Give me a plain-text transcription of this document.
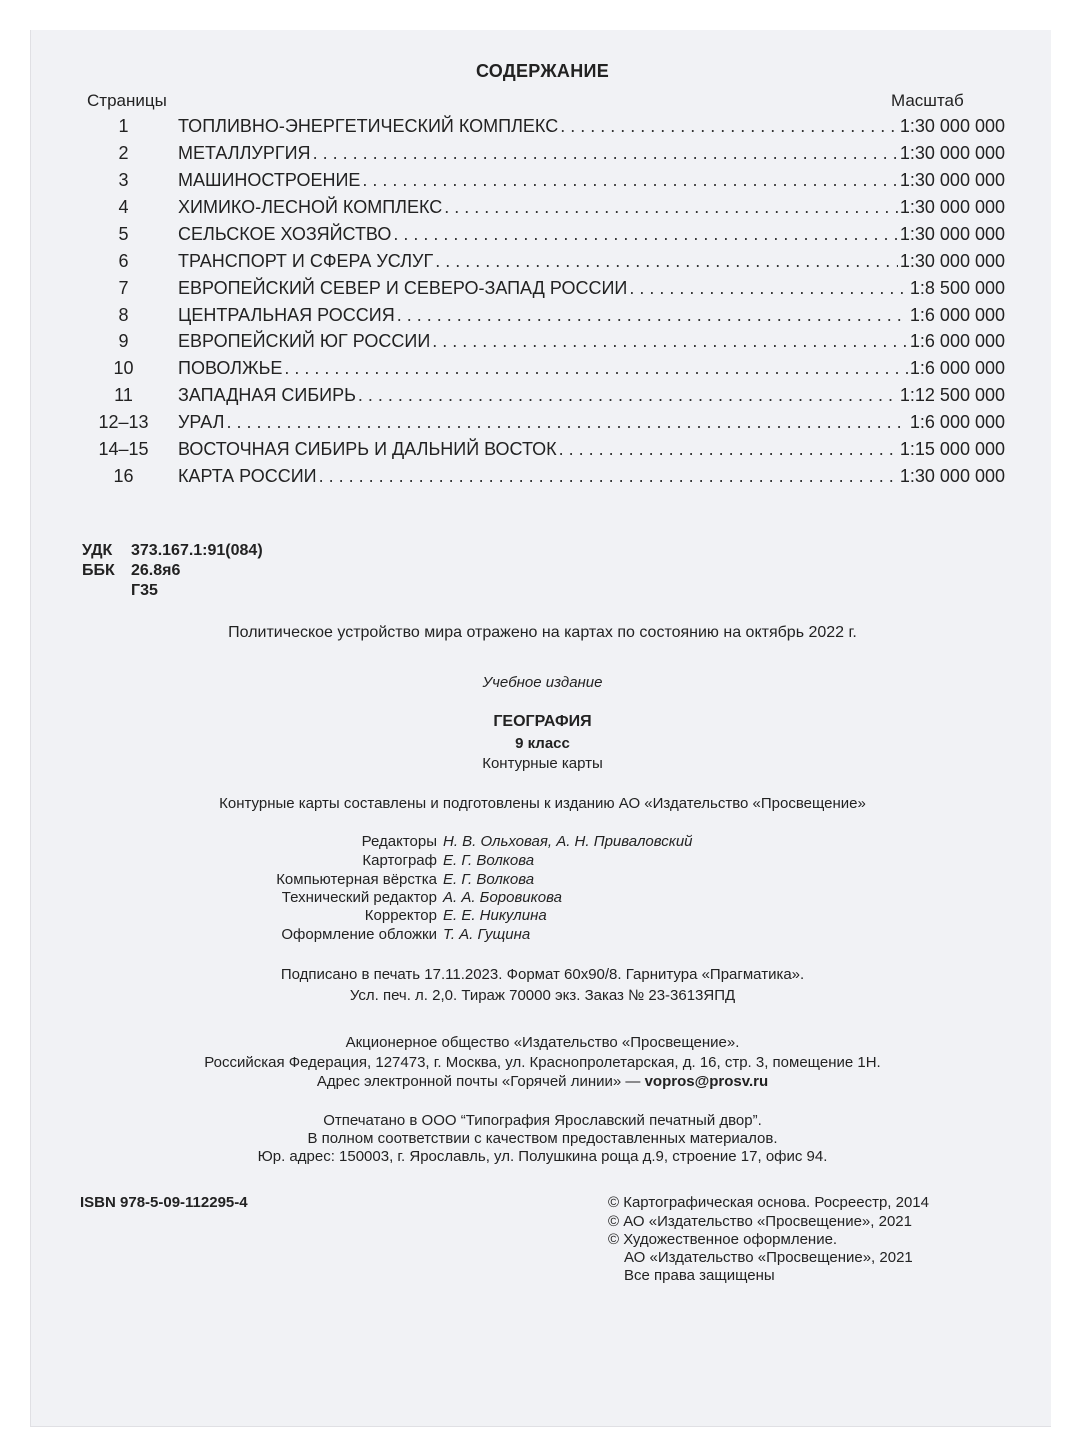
СОДЕРЖАНИЕ
Страницы	Масштаб
1	ТОПЛИВНО-ЭНЕРГЕТИЧЕСКИЙ КОМПЛЕКС . . .	1:30 000 000
2	МЕТАЛЛУРГИЯ . . .	1:30 000 000
3	МАШИНОСТРОЕНИЕ . . .	1:30 000 000
4	ХИМИКО-ЛЕСНОЙ КОМПЛЕКС . . .	1:30 000 000
5	СЕЛЬСКОЕ ХОЗЯЙСТВО . . .	1:30 000 000
6	ТРАНСПОРТ И СФЕРА УСЛУГ . . .	1:30 000 000
7	ЕВРОПЕЙСКИЙ СЕВЕР И СЕВЕРО-ЗАПАД РОССИИ . . .	1:8 500 000
8	ЦЕНТРАЛЬНАЯ РОССИЯ . . .	1:6 000 000
9	ЕВРОПЕЙСКИЙ ЮГ РОССИИ . . .	1:6 000 000
10	ПОВОЛЖЬЕ . . .	1:6 000 000
11	ЗАПАДНАЯ СИБИРЬ . . .	1:12 500 000
12–13	УРАЛ . . .	1:6 000 000
14–15	ВОСТОЧНАЯ СИБИРЬ И ДАЛЬНИЙ ВОСТОК . . .	1:15 000 000
16	КАРТА РОССИИ . . .	1:30 000 000
УДК 373.167.1:91(084)
ББК 26.8я6
Г35
Политическое устройство мира отражено на картах по состоянию на октябрь 2022 г.
Учебное издание
ГЕОГРАФИЯ
9 класс
Контурные карты
Контурные карты составлены и подготовлены к изданию АО «Издательство «Просвещение»
Редакторы Н. В. Ольховая, А. Н. Приваловский
Картограф Е. Г. Волкова
Компьютерная вёрстка Е. Г. Волкова
Технический редактор А. А. Боровикова
Корректор Е. Е. Никулина
Оформление обложки Т. А. Гущина
Подписано в печать 17.11.2023. Формат 60x90/8. Гарнитура «Прагматика».
Усл. печ. л. 2,0. Тираж 70000 экз. Заказ № 23-3613ЯПД
Акционерное общество «Издательство «Просвещение».
Российская Федерация, 127473, г. Москва, ул. Краснопролетарская, д. 16, стр. 3, помещение 1Н.
Адрес электронной почты «Горячей линии» — vopros@prosv.ru
Отпечатано в ООО “Типография Ярославский печатный двор”.
В полном соответствии с качеством предоставленных материалов.
Юр. адрес: 150003, г. Ярославль, ул. Полушкина роща д.9, строение 17, офис 94.
ISBN 978-5-09-112295-4	© Картографическая основа. Росреестр, 2014
© АО «Издательство «Просвещение», 2021
© Художественное оформление.
АО «Издательство «Просвещение», 2021
Все права защищены
